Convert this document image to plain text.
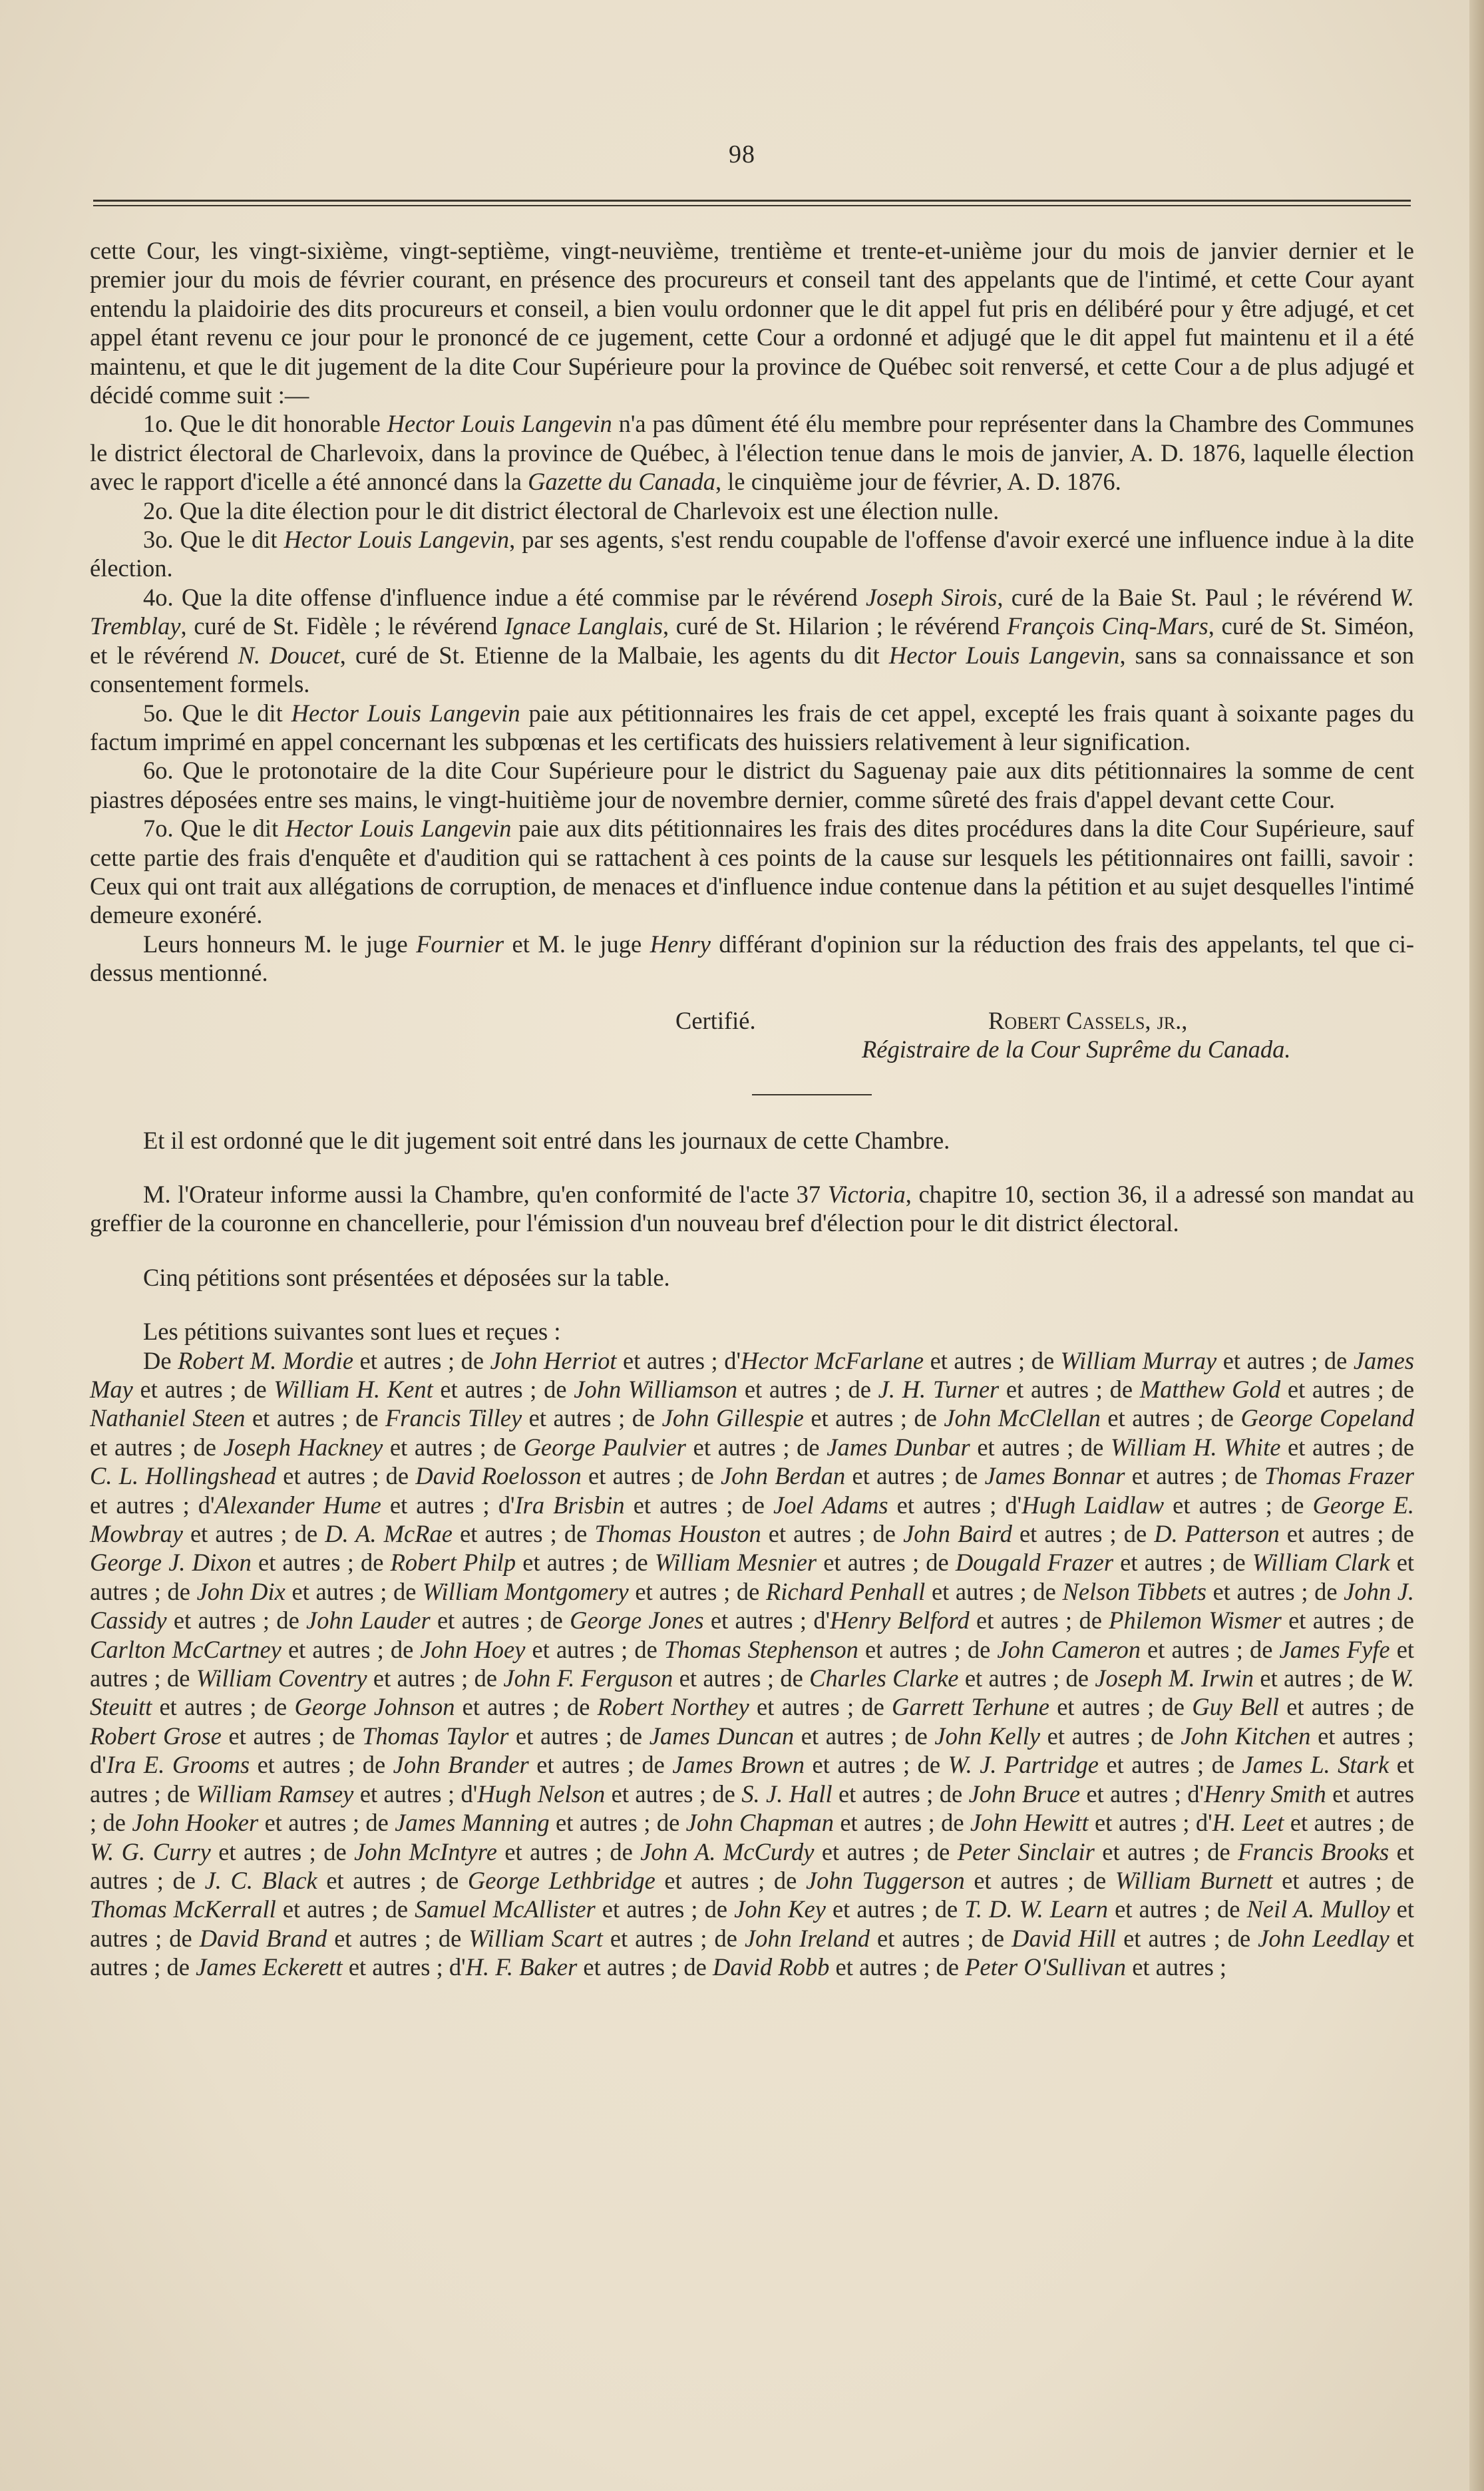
98

cette Cour, les vingt-sixième, vingt-septième, vingt-neuvième, trentième et trente-et-unième jour du mois de janvier dernier et le premier jour du mois de février courant, en présence des procureurs et conseil tant des appelants que de l'intimé, et cette Cour ayant entendu la plaidoirie des dits procureurs et conseil, a bien voulu ordonner que le dit appel fut pris en délibéré pour y être adjugé, et cet appel étant revenu ce jour pour le prononcé de ce jugement, cette Cour a ordonné et adjugé que le dit appel fut maintenu et il a été maintenu, et que le dit jugement de la dite Cour Supérieure pour la province de Québec soit renversé, et cette Cour a de plus adjugé et décidé comme suit :—

1o. Que le dit honorable Hector Louis Langevin n'a pas dûment été élu membre pour représenter dans la Chambre des Communes le district électoral de Charlevoix, dans la province de Québec, à l'élection tenue dans le mois de janvier, A. D. 1876, laquelle élection avec le rapport d'icelle a été annoncé dans la Gazette du Canada, le cinquième jour de février, A. D. 1876.

2o. Que la dite élection pour le dit district électoral de Charlevoix est une élection nulle.

3o. Que le dit Hector Louis Langevin, par ses agents, s'est rendu coupable de l'offense d'avoir exercé une influence indue à la dite élection.

4o. Que la dite offense d'influence indue a été commise par le révérend Joseph Sirois, curé de la Baie St. Paul ; le révérend W. Tremblay, curé de St. Fidèle ; le révérend Ignace Langlais, curé de St. Hilarion ; le révérend François Cinq-Mars, curé de St. Siméon, et le révérend N. Doucet, curé de St. Etienne de la Malbaie, les agents du dit Hector Louis Langevin, sans sa connaissance et son consentement formels.

5o. Que le dit Hector Louis Langevin paie aux pétitionnaires les frais de cet appel, excepté les frais quant à soixante pages du factum imprimé en appel concernant les subpœnas et les certificats des huissiers relativement à leur signification.

6o. Que le protonotaire de la dite Cour Supérieure pour le district du Saguenay paie aux dits pétitionnaires la somme de cent piastres déposées entre ses mains, le vingt-huitième jour de novembre dernier, comme sûreté des frais d'appel devant cette Cour.

7o. Que le dit Hector Louis Langevin paie aux dits pétitionnaires les frais des dites procédures dans la dite Cour Supérieure, sauf cette partie des frais d'enquête et d'audition qui se rattachent à ces points de la cause sur lesquels les pétitionnaires ont failli, savoir : Ceux qui ont trait aux allégations de corruption, de menaces et d'influence indue contenue dans la pétition et au sujet desquelles l'intimé demeure exonéré.

Leurs honneurs M. le juge Fournier et M. le juge Henry différant d'opinion sur la réduction des frais des appelants, tel que ci-dessus mentionné.

Certifié.	Robert Cassels, jr.,
Régistraire de la Cour Suprême du Canada.

Et il est ordonné que le dit jugement soit entré dans les journaux de cette Chambre.

M. l'Orateur informe aussi la Chambre, qu'en conformité de l'acte 37 Victoria, chapitre 10, section 36, il a adressé son mandat au greffier de la couronne en chancellerie, pour l'émission d'un nouveau bref d'élection pour le dit district électoral.

Cinq pétitions sont présentées et déposées sur la table.

Les pétitions suivantes sont lues et reçues :

De Robert M. Mordie et autres ; de John Herriot et autres ; d'Hector McFarlane et autres ; de William Murray et autres ; de James May et autres ; de William H. Kent et autres ; de John Williamson et autres ; de J. H. Turner et autres ; de Matthew Gold et autres ; de Nathaniel Steen et autres ; de Francis Tilley et autres ; de John Gillespie et autres ; de John McClellan et autres ; de George Copeland et autres ; de Joseph Hackney et autres ; de George Paulvier et autres ; de James Dunbar et autres ; de William H. White et autres ; de C. L. Hollingshead et autres ; de David Roelosson et autres ; de John Berdan et autres ; de James Bonnar et autres ; de Thomas Frazer et autres ; d'Alexander Hume et autres ; d'Ira Brisbin et autres ; de Joel Adams et autres ; d'Hugh Laidlaw et autres ; de George E. Mowbray et autres ; de D. A. McRae et autres ; de Thomas Houston et autres ; de John Baird et autres ; de D. Patterson et autres ; de George J. Dixon et autres ; de Robert Philp et autres ; de William Mesnier et autres ; de Dougald Frazer et autres ; de William Clark et autres ; de John Dix et autres ; de William Montgomery et autres ; de Richard Penhall et autres ; de Nelson Tibbets et autres ; de John J. Cassidy et autres ; de John Lauder et autres ; de George Jones et autres ; d'Henry Belford et autres ; de Philemon Wismer et autres ; de Carlton McCartney et autres ; de John Hoey et autres ; de Thomas Stephenson et autres ; de John Cameron et autres ; de James Fyfe et autres ; de William Coventry et autres ; de John F. Ferguson et autres ; de Charles Clarke et autres ; de Joseph M. Irwin et autres ; de W. Steuitt et autres ; de George Johnson et autres ; de Robert Northey et autres ; de Garrett Terhune et autres ; de Guy Bell et autres ; de Robert Grose et autres ; de Thomas Taylor et autres ; de James Duncan et autres ; de John Kelly et autres ; de John Kitchen et autres ; d'Ira E. Grooms et autres ; de John Brander et autres ; de James Brown et autres ; de W. J. Partridge et autres ; de James L. Stark et autres ; de William Ramsey et autres ; d'Hugh Nelson et autres ; de S. J. Hall et autres ; de John Bruce et autres ; d'Henry Smith et autres ; de John Hooker et autres ; de James Manning et autres ; de John Chapman et autres ; de John Hewitt et autres ; d'H. Leet et autres ; de W. G. Curry et autres ; de John McIntyre et autres ; de John A. McCurdy et autres ; de Peter Sinclair et autres ; de Francis Brooks et autres ; de J. C. Black et autres ; de George Lethbridge et autres ; de John Tuggerson et autres ; de William Burnett et autres ; de Thomas McKerrall et autres ; de Samuel McAllister et autres ; de John Key et autres ; de T. D. W. Learn et autres ; de Neil A. Mulloy et autres ; de David Brand et autres ; de William Scart et autres ; de John Ireland et autres ; de David Hill et autres ; de John Leedlay et autres ; de James Eckerett et autres ; d'H. F. Baker et autres ; de David Robb et autres ; de Peter O'Sullivan et autres ;
